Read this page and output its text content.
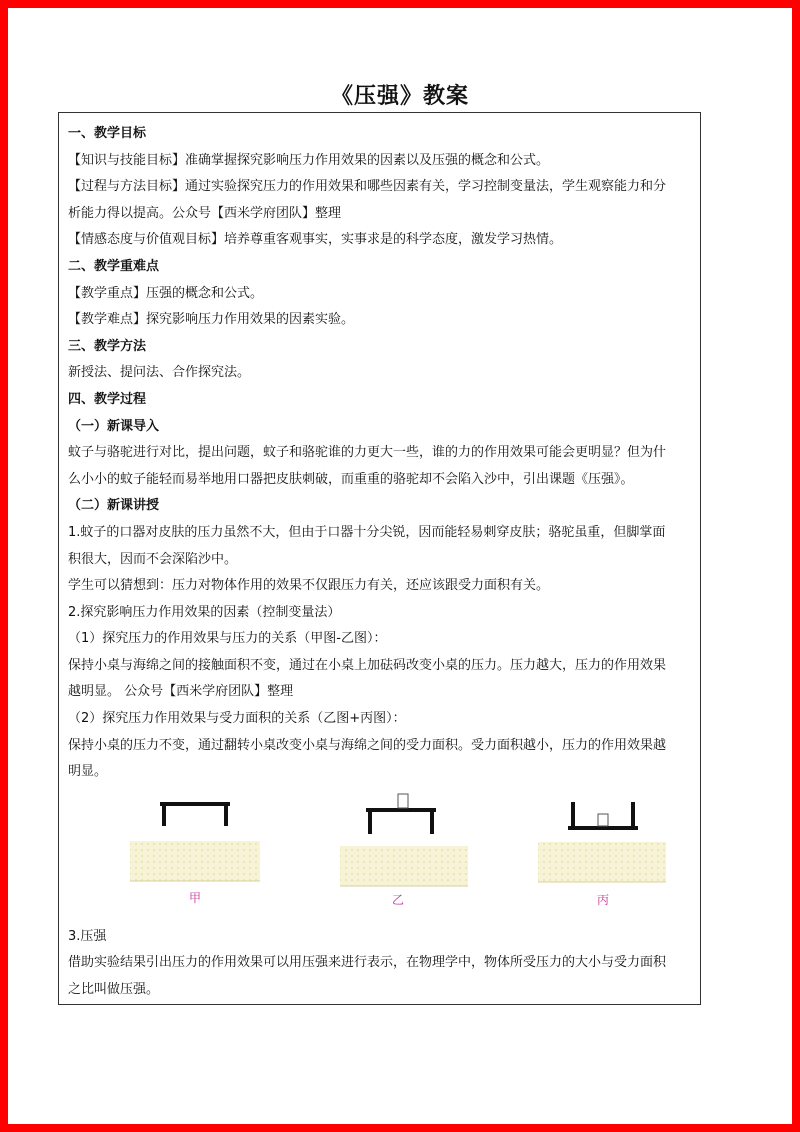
《压强》教案

一、教学目标

【知识与技能目标】准确掌握探究影响压力作用效果的因素以及压强的概念和公式。

【过程与方法目标】通过实验探究压力的作用效果和哪些因素有关，学习控制变量法，学生观察能力和分

析能力得以提高。公众号【西米学府团队】整理

【情感态度与价值观目标】培养尊重客观事实，实事求是的科学态度，激发学习热情。

二、教学重难点

【教学重点】压强的概念和公式。

【教学难点】探究影响压力作用效果的因素实验。

三、教学方法

新授法、提问法、合作探究法。

四、教学过程

（一）新课导入

蚊子与骆驼进行对比，提出问题，蚊子和骆驼谁的力更大一些，谁的力的作用效果可能会更明显？但为什

么小小的蚊子能轻而易举地用口器把皮肤刺破，而重重的骆驼却不会陷入沙中，引出课题《压强》。

（二）新课讲授

1.蚊子的口器对皮肤的压力虽然不大，但由于口器十分尖锐，因而能轻易刺穿皮肤；骆驼虽重，但脚掌面

积很大，因而不会深陷沙中。

学生可以猜想到：压力对物体作用的效果不仅跟压力有关，还应该跟受力面积有关。

2.探究影响压力作用效果的因素（控制变量法）

（1）探究压力的作用效果与压力的关系（甲图-乙图）：

保持小桌与海绵之间的接触面积不变，通过在小桌上加砝码改变小桌的压力。压力越大，压力的作用效果

越明显。 公众号【西米学府团队】整理

（2）探究压力作用效果与受力面积的关系（乙图+丙图）：

保持小桌的压力不变，通过翻转小桌改变小桌与海绵之间的受力面积。受力面积越小，压力的作用效果越

明显。

甲	乙	丙

3.压强

借助实验结果引出压力的作用效果可以用压强来进行表示，在物理学中，物体所受压力的大小与受力面积

之比叫做压强。
